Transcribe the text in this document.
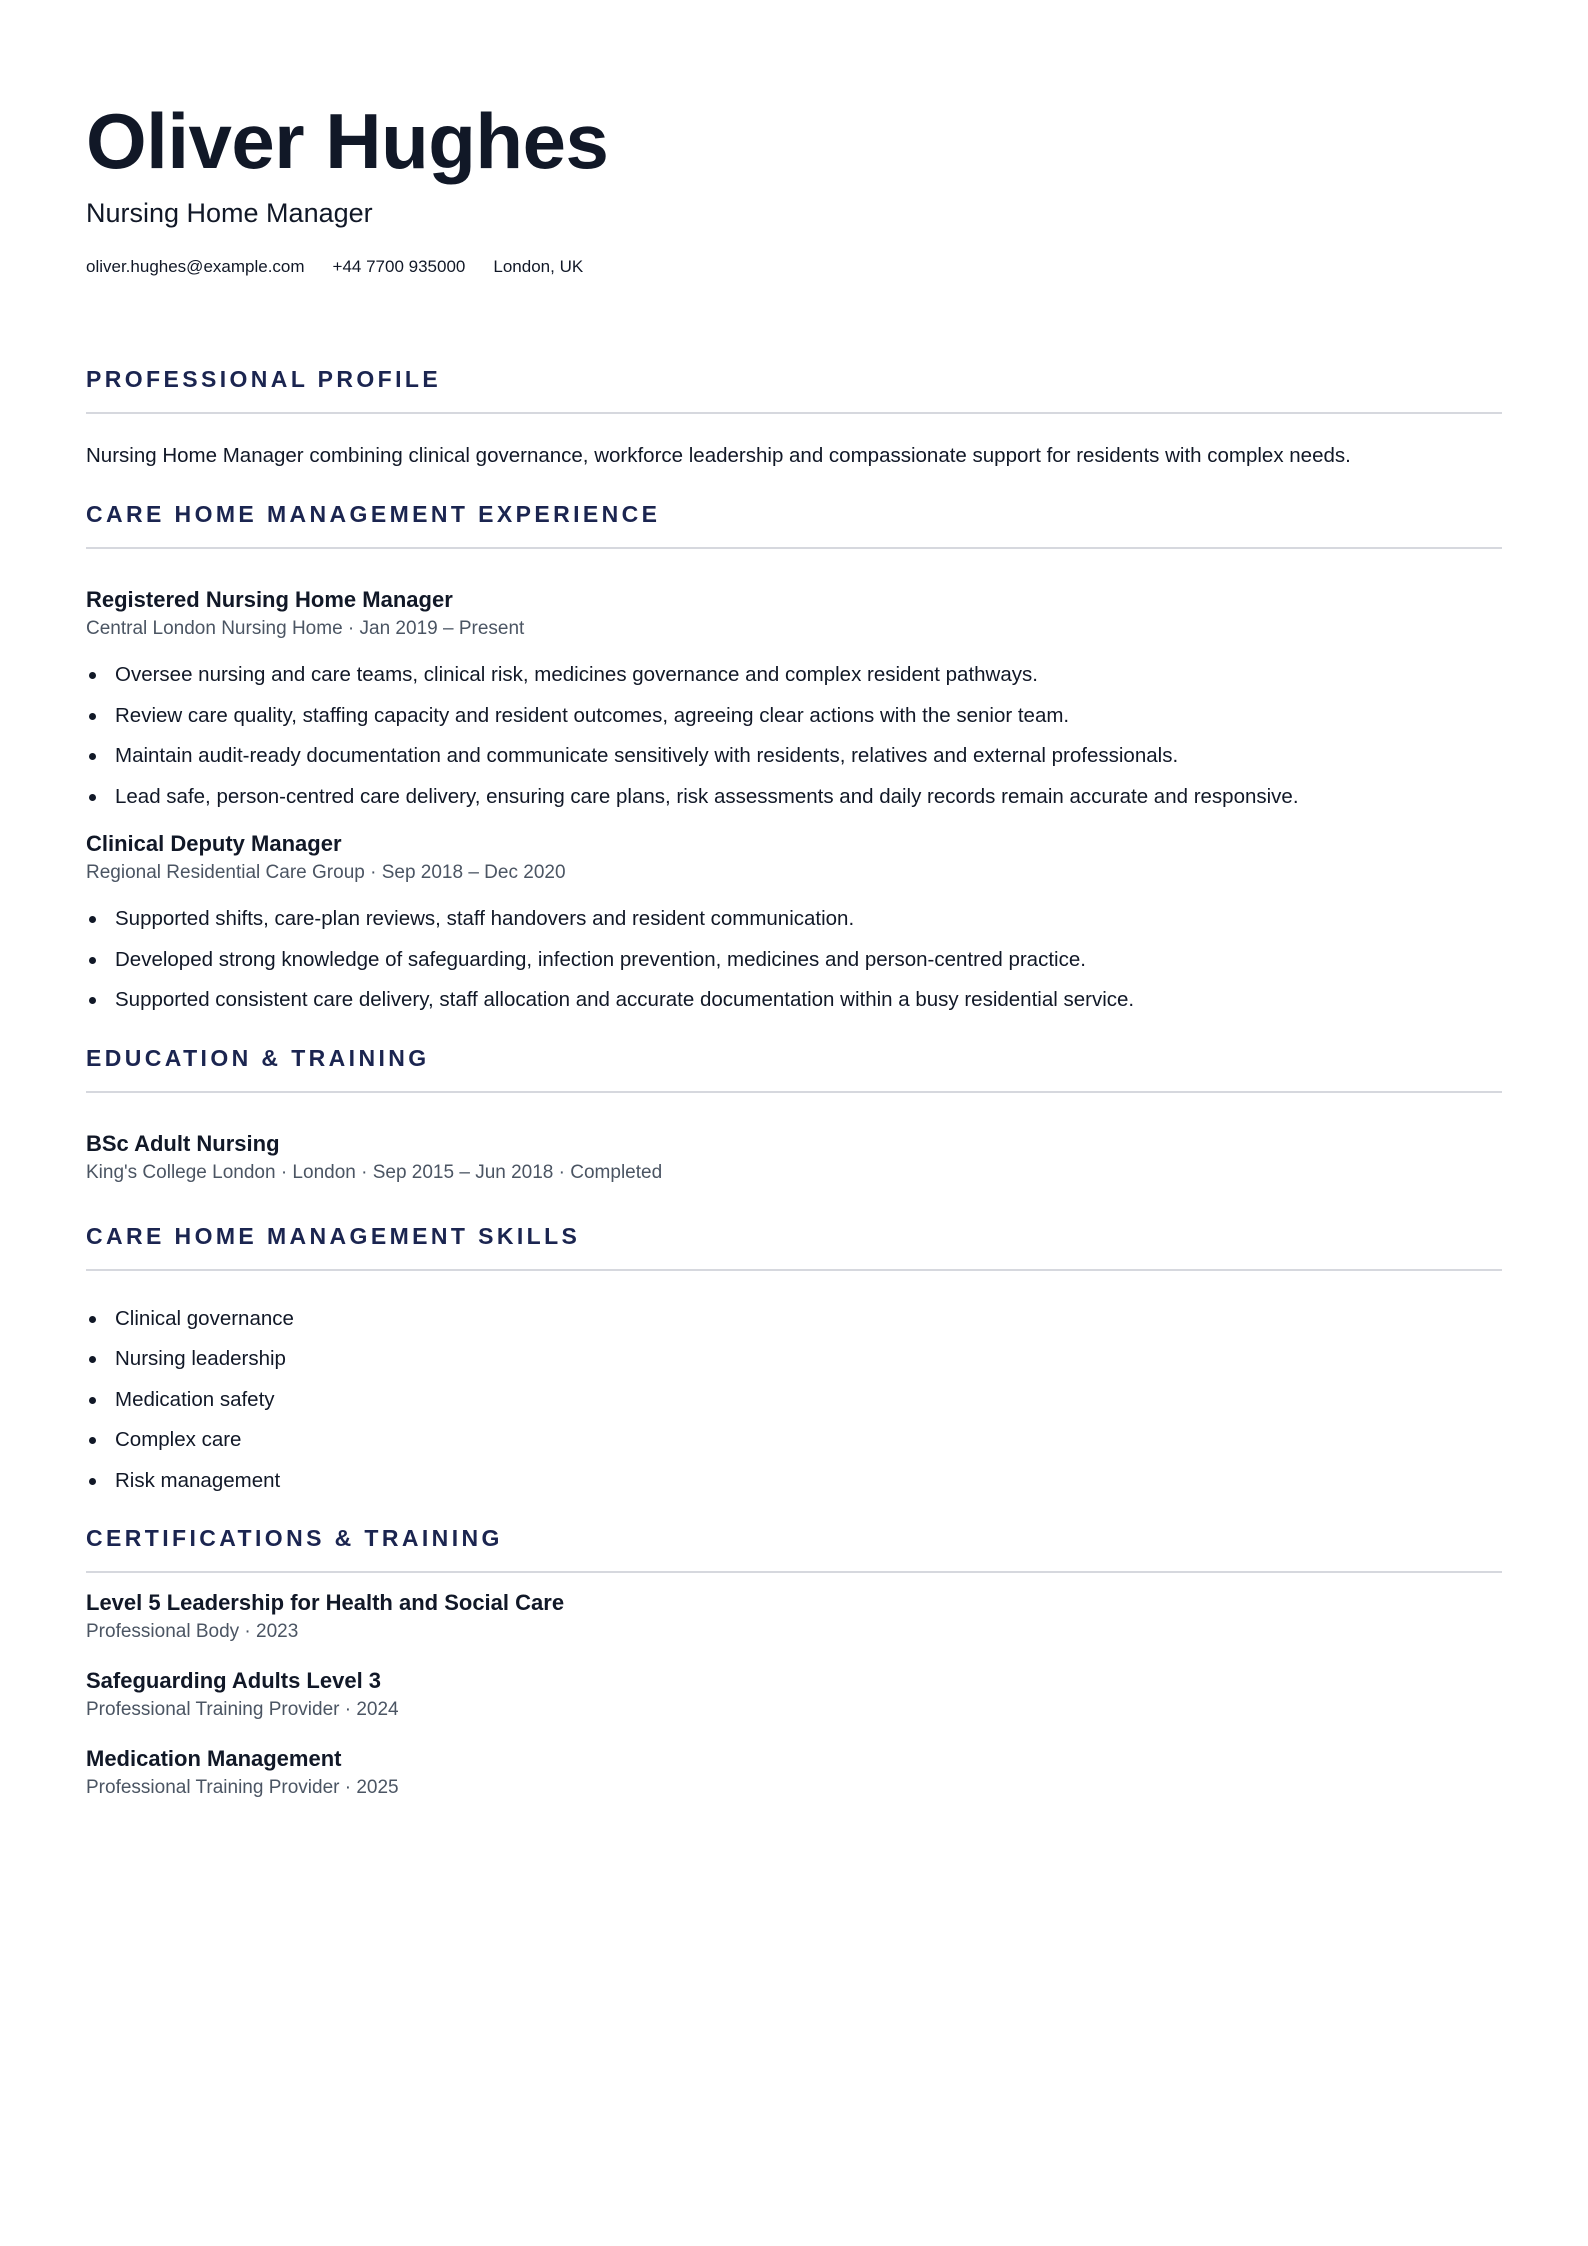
Oliver Hughes
Nursing Home Manager
oliver.hughes@example.com +44 7700 935000 London, UK
PROFESSIONAL PROFILE
Nursing Home Manager combining clinical governance, workforce leadership and compassionate support for residents with complex needs.
CARE HOME MANAGEMENT EXPERIENCE
Registered Nursing Home Manager
Central London Nursing Home · Jan 2019 – Present
Oversee nursing and care teams, clinical risk, medicines governance and complex resident pathways.
Review care quality, staffing capacity and resident outcomes, agreeing clear actions with the senior team.
Maintain audit-ready documentation and communicate sensitively with residents, relatives and external professionals.
Lead safe, person-centred care delivery, ensuring care plans, risk assessments and daily records remain accurate and responsive.
Clinical Deputy Manager
Regional Residential Care Group · Sep 2018 – Dec 2020
Supported shifts, care-plan reviews, staff handovers and resident communication.
Developed strong knowledge of safeguarding, infection prevention, medicines and person-centred practice.
Supported consistent care delivery, staff allocation and accurate documentation within a busy residential service.
EDUCATION & TRAINING
BSc Adult Nursing
King's College London · London · Sep 2015 – Jun 2018 · Completed
CARE HOME MANAGEMENT SKILLS
Clinical governance
Nursing leadership
Medication safety
Complex care
Risk management
CERTIFICATIONS & TRAINING
Level 5 Leadership for Health and Social Care
Professional Body · 2023
Safeguarding Adults Level 3
Professional Training Provider · 2024
Medication Management
Professional Training Provider · 2025
